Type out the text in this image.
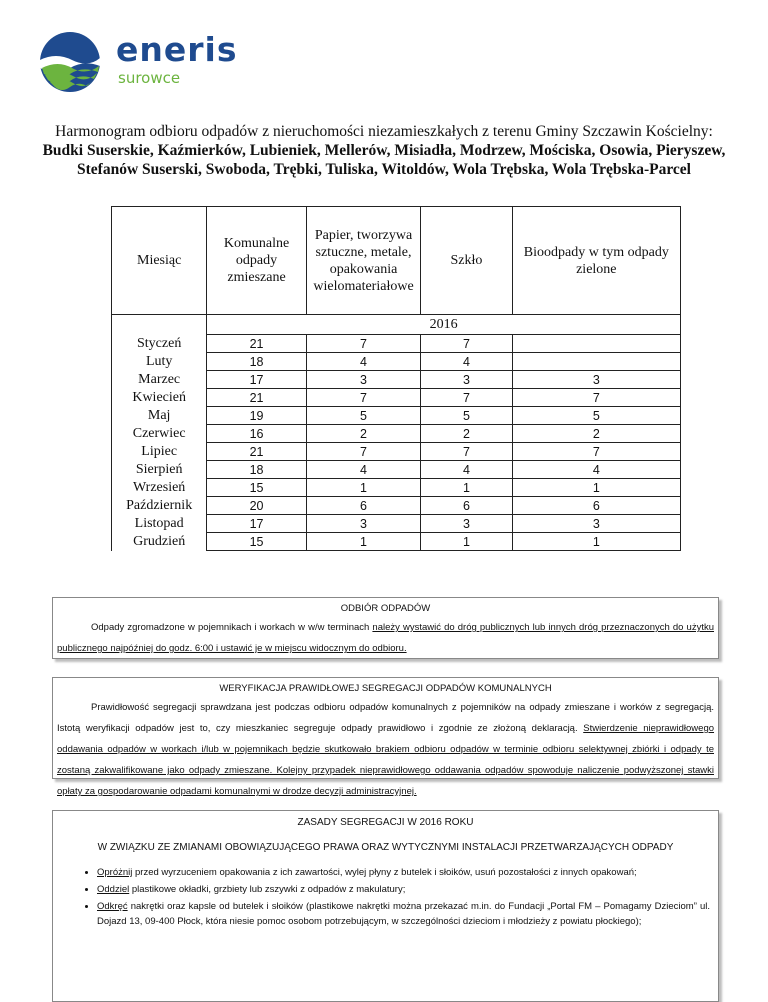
eneris
surowce
Harmonogram odbioru odpadów z nieruchomości niezamieszkałych z terenu Gminy Szczawin Kościelny:
Budki Suserskie, Kaźmierków, Lubieniek, Mellerów, Misiadła, Modrzew, Mościska, Osowia, Pieryszew, Stefanów Suserski, Swoboda, Trębki, Tuliska, Witoldów, Wola Trębska, Wola Trębska-Parcel
Miesiąc	Komunalne odpady zmieszane	Papier, tworzywa sztuczne, metale, opakowania wielomateriałowe	Szkło	Bioodpady w tym odpady zielone
	2016			
Styczeń	21	7	7	
Luty	18	4	4	
Marzec	17	3	3	3
Kwiecień	21	7	7	7
Maj	19	5	5	5
Czerwiec	16	2	2	2
Lipiec	21	7	7	7
Sierpień	18	4	4	4
Wrzesień	15	1	1	1
Październik	20	6	6	6
Listopad	17	3	3	3
Grudzień	15	1	1	1
ODBIÓR ODPADÓW

Odpady zgromadzone w pojemnikach i workach w w/w terminach należy wystawić do dróg publicznych lub innych dróg przeznaczonych do użytku publicznego najpóźniej do godz. 6:00 i ustawić je w miejscu widocznym do odbioru.

WERYFIKACJA PRAWIDŁOWEJ SEGREGACJI ODPADÓW KOMUNALNYCH

Prawidłowość segregacji sprawdzana jest podczas odbioru odpadów komunalnych z pojemników na odpady zmieszane i worków z segregacją. Istotą weryfikacji odpadów jest to, czy mieszkaniec segreguje odpady prawidłowo i zgodnie ze złożoną deklaracją. Stwierdzenie nieprawidłowego oddawania odpadów w workach i/lub w pojemnikach będzie skutkowało brakiem odbioru odpadów w terminie odbioru selektywnej zbiórki i odpady te zostaną zakwalifikowane jako odpady zmieszane. Kolejny przypadek nieprawidłowego oddawania odpadów spowoduje naliczenie podwyższonej stawki opłaty za gospodarowanie odpadami komunalnymi w drodze decyzji administracyjnej.

ZASADY SEGREGACJI W 2016 ROKU
W ZWIĄZKU ZE ZMIANAMI OBOWIĄZUJĄCEGO PRAWA ORAZ WYTYCZNYMI INSTALACJI PRZETWARZAJĄCYCH ODPADY
• Opróżnij przed wyrzuceniem opakowania z ich zawartości, wylej płyny z butelek i słoików, usuń pozostałości z innych opakowań;
• Oddziel plastikowe okładki, grzbiety lub zszywki z odpadów z makulatury;
• Odkręć nakrętki oraz kapsle od butelek i słoików (plastikowe nakrętki można przekazać m.in. do Fundacji „Portal FM – Pomagamy Dzieciom” ul. Dojazd 13, 09-400 Płock, która niesie pomoc osobom potrzebującym, w szczególności dzieciom i młodzieży z powiatu płockiego);
